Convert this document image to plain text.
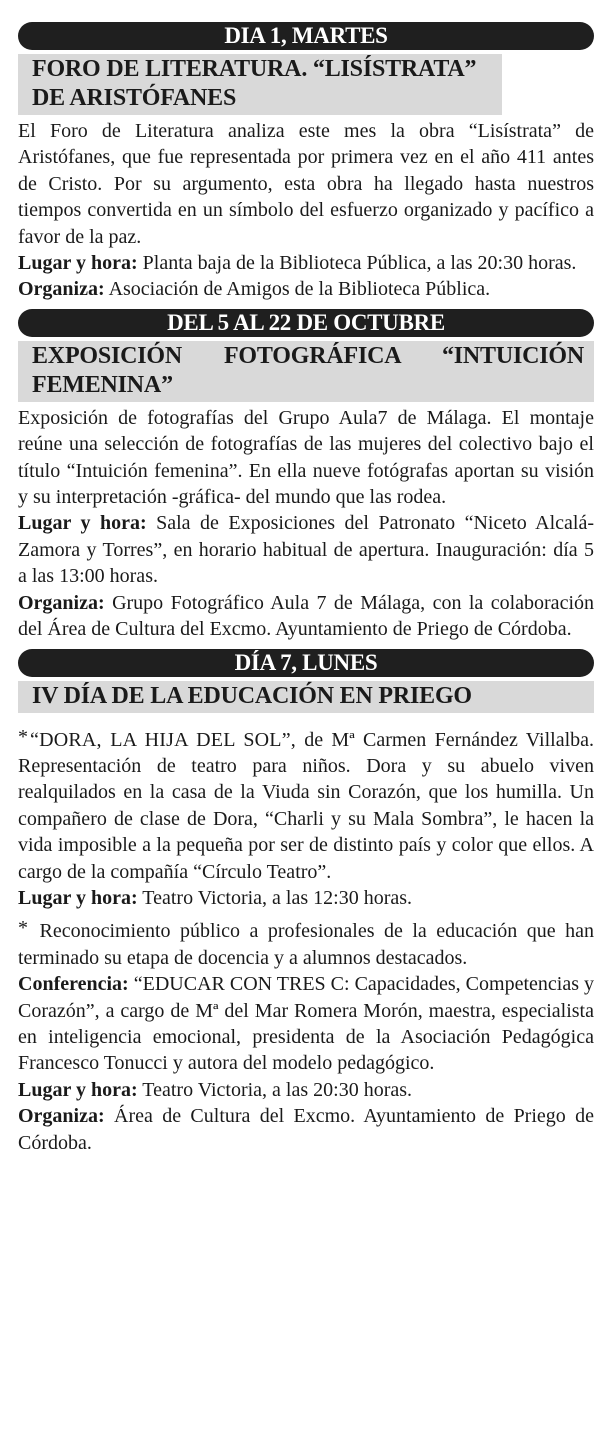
DIA 1, MARTES
FORO DE LITERATURA. “LISÍSTRATA” DE ARISTÓFANES

El Foro de Literatura analiza este mes la obra “Lisístrata” de Aristófanes, que fue representada por primera vez en el año 411 antes de Cristo. Por su argumento, esta obra ha llegado hasta nuestros tiempos convertida en un símbolo del esfuerzo organizado y pacífico a favor de la paz.

Lugar y hora: Planta baja de la Biblioteca Pública, a las 20:30 horas.

Organiza: Asociación de Amigos de la Biblioteca Pública.

DEL 5 AL 22 DE OCTUBRE
EXPOSICIÓN FOTOGRÁFICA “INTUICIÓN FEMENINA”

Exposición de fotografías del Grupo Aula7 de Málaga. El montaje reúne una selección de fotografías de las mujeres del colectivo bajo el título “Intuición femenina”. En ella nueve fotógrafas aportan su visión y su interpretación -gráfica- del mundo que las rodea.

Lugar y hora: Sala de Exposiciones del Patronato “Niceto Alcalá-Zamora y Torres”, en horario habitual de apertura. Inauguración: día 5 a las 13:00 horas.

Organiza: Grupo Fotográfico Aula 7 de Málaga, con la colaboración del Área de Cultura del Excmo. Ayuntamiento de Priego de Córdoba.

DÍA 7, LUNES
IV DÍA DE LA EDUCACIÓN EN PRIEGO

* “DORA, LA HIJA DEL SOL”, de Mª Carmen Fernández Villalba. Representación de teatro para niños. Dora y su abuelo viven realquilados en la casa de la Viuda sin Corazón, que los humilla. Un compañero de clase de Dora, “Charli y su Mala Sombra”, le hacen la vida imposible a la pequeña por ser de distinto país y color que ellos. A cargo de la compañía “Círculo Teatro”.

Lugar y hora: Teatro Victoria, a las 12:30 horas.

* Reconocimiento público a profesionales de la educación que han terminado su etapa de docencia y a alumnos destacados.

Conferencia: “EDUCAR CON TRES C: Capacidades, Competencias y Corazón”, a cargo de Mª del Mar Romera Morón, maestra, especialista en inteligencia emocional, presidenta de la Asociación Pedagógica Francesco Tonucci y autora del modelo pedagógico.

Lugar y hora: Teatro Victoria, a las 20:30 horas.

Organiza: Área de Cultura del Excmo. Ayuntamiento de Priego de Córdoba.
